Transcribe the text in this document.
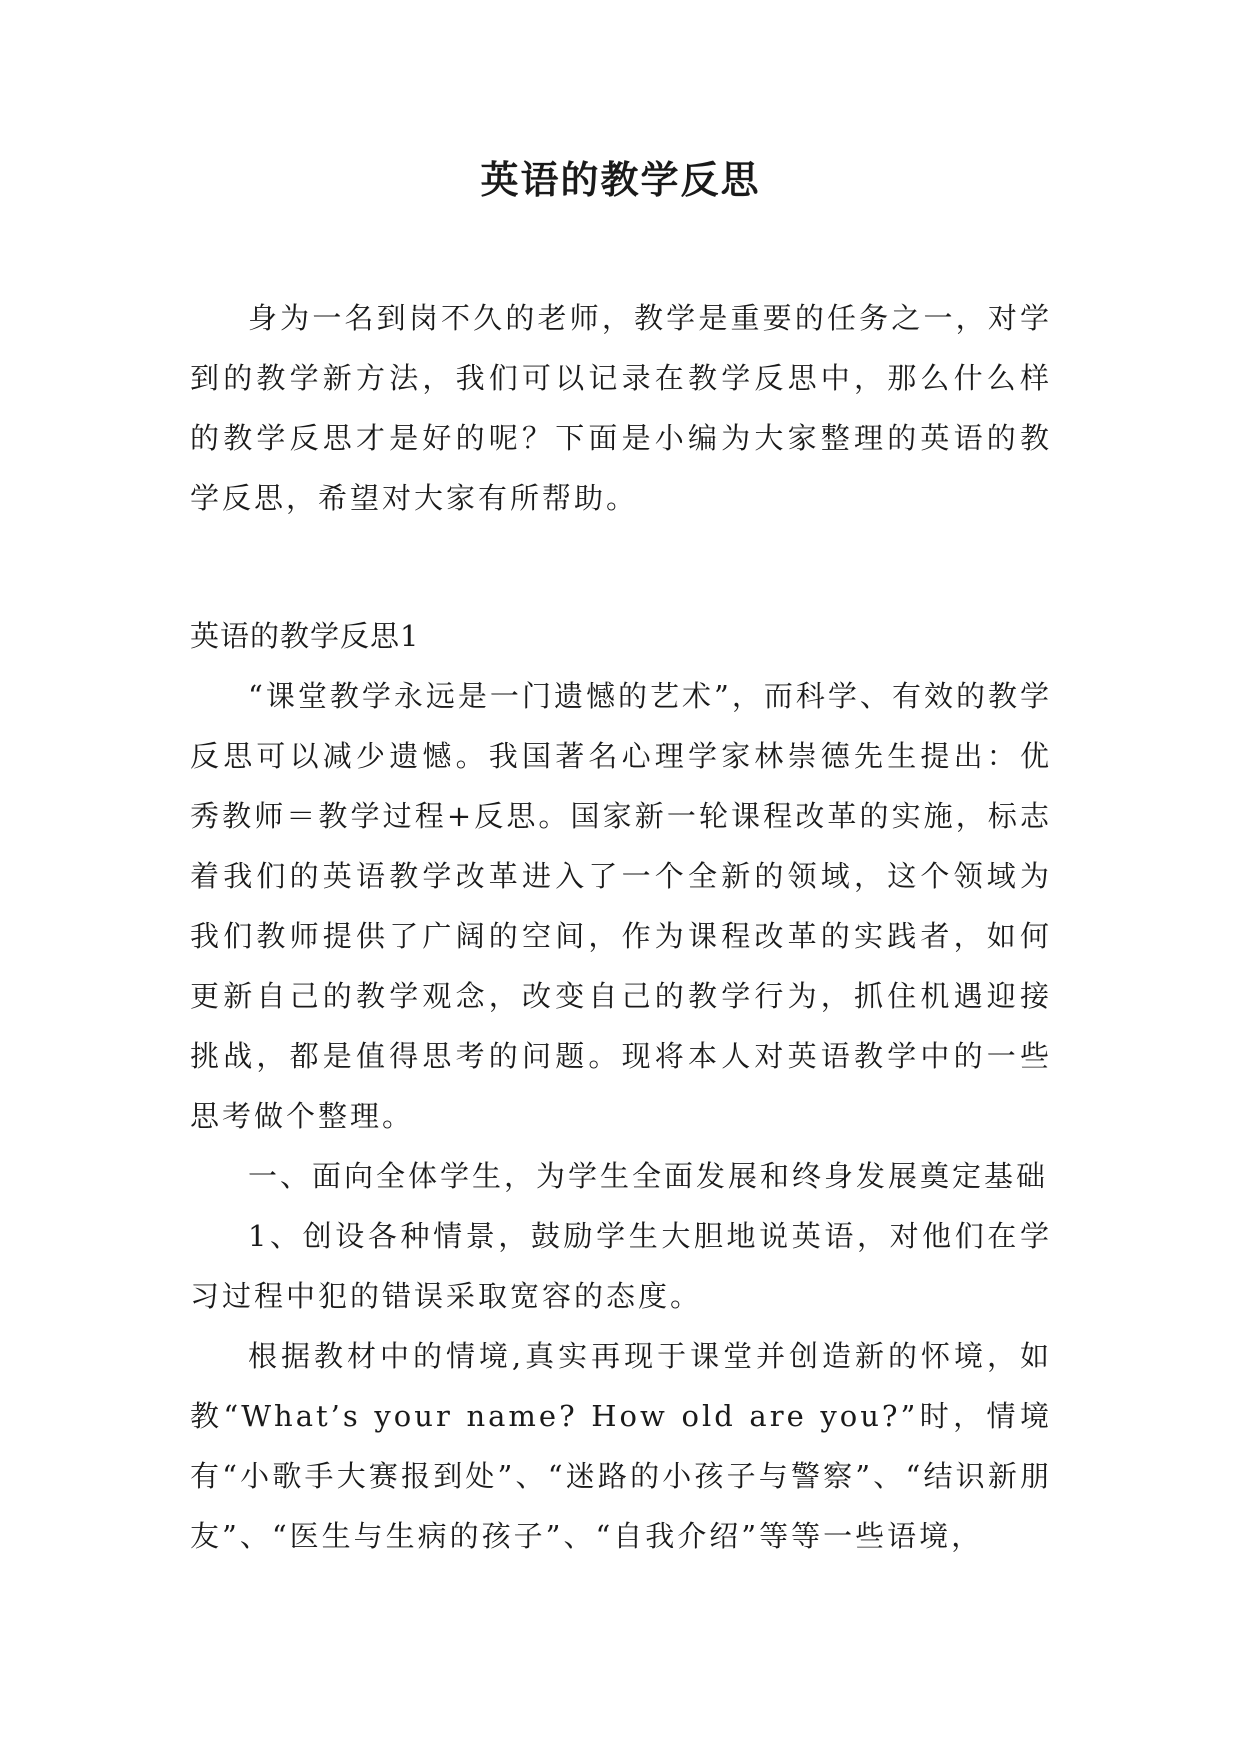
英语的教学反思

身为一名到岗不久的老师，教学是重要的任务之一，对学到的教学新方法，我们可以记录在教学反思中，那么什么样的教学反思才是好的呢？下面是小编为大家整理的英语的教学反思，希望对大家有所帮助。

英语的教学反思1

“课堂教学永远是一门遗憾的艺术”，而科学、有效的教学反思可以减少遗憾。我国著名心理学家林崇德先生提出：优秀教师＝教学过程+反思。国家新一轮课程改革的实施，标志着我们的英语教学改革进入了一个全新的领域，这个领域为我们教师提供了广阔的空间，作为课程改革的实践者，如何更新自己的教学观念，改变自己的教学行为，抓住机遇迎接挑战，都是值得思考的问题。现将本人对英语教学中的一些思考做个整理。

一、面向全体学生，为学生全面发展和终身发展奠定基础

1、创设各种情景，鼓励学生大胆地说英语，对他们在学习过程中犯的错误采取宽容的态度。

根据教材中的情境,真实再现于课堂并创造新的怀境，如教“What’s your name? How old are you?”时，情境有“小歌手大赛报到处”、“迷路的小孩子与警察”、“结识新朋友”、“医生与生病的孩子”、“自我介绍”等等一些语境，
